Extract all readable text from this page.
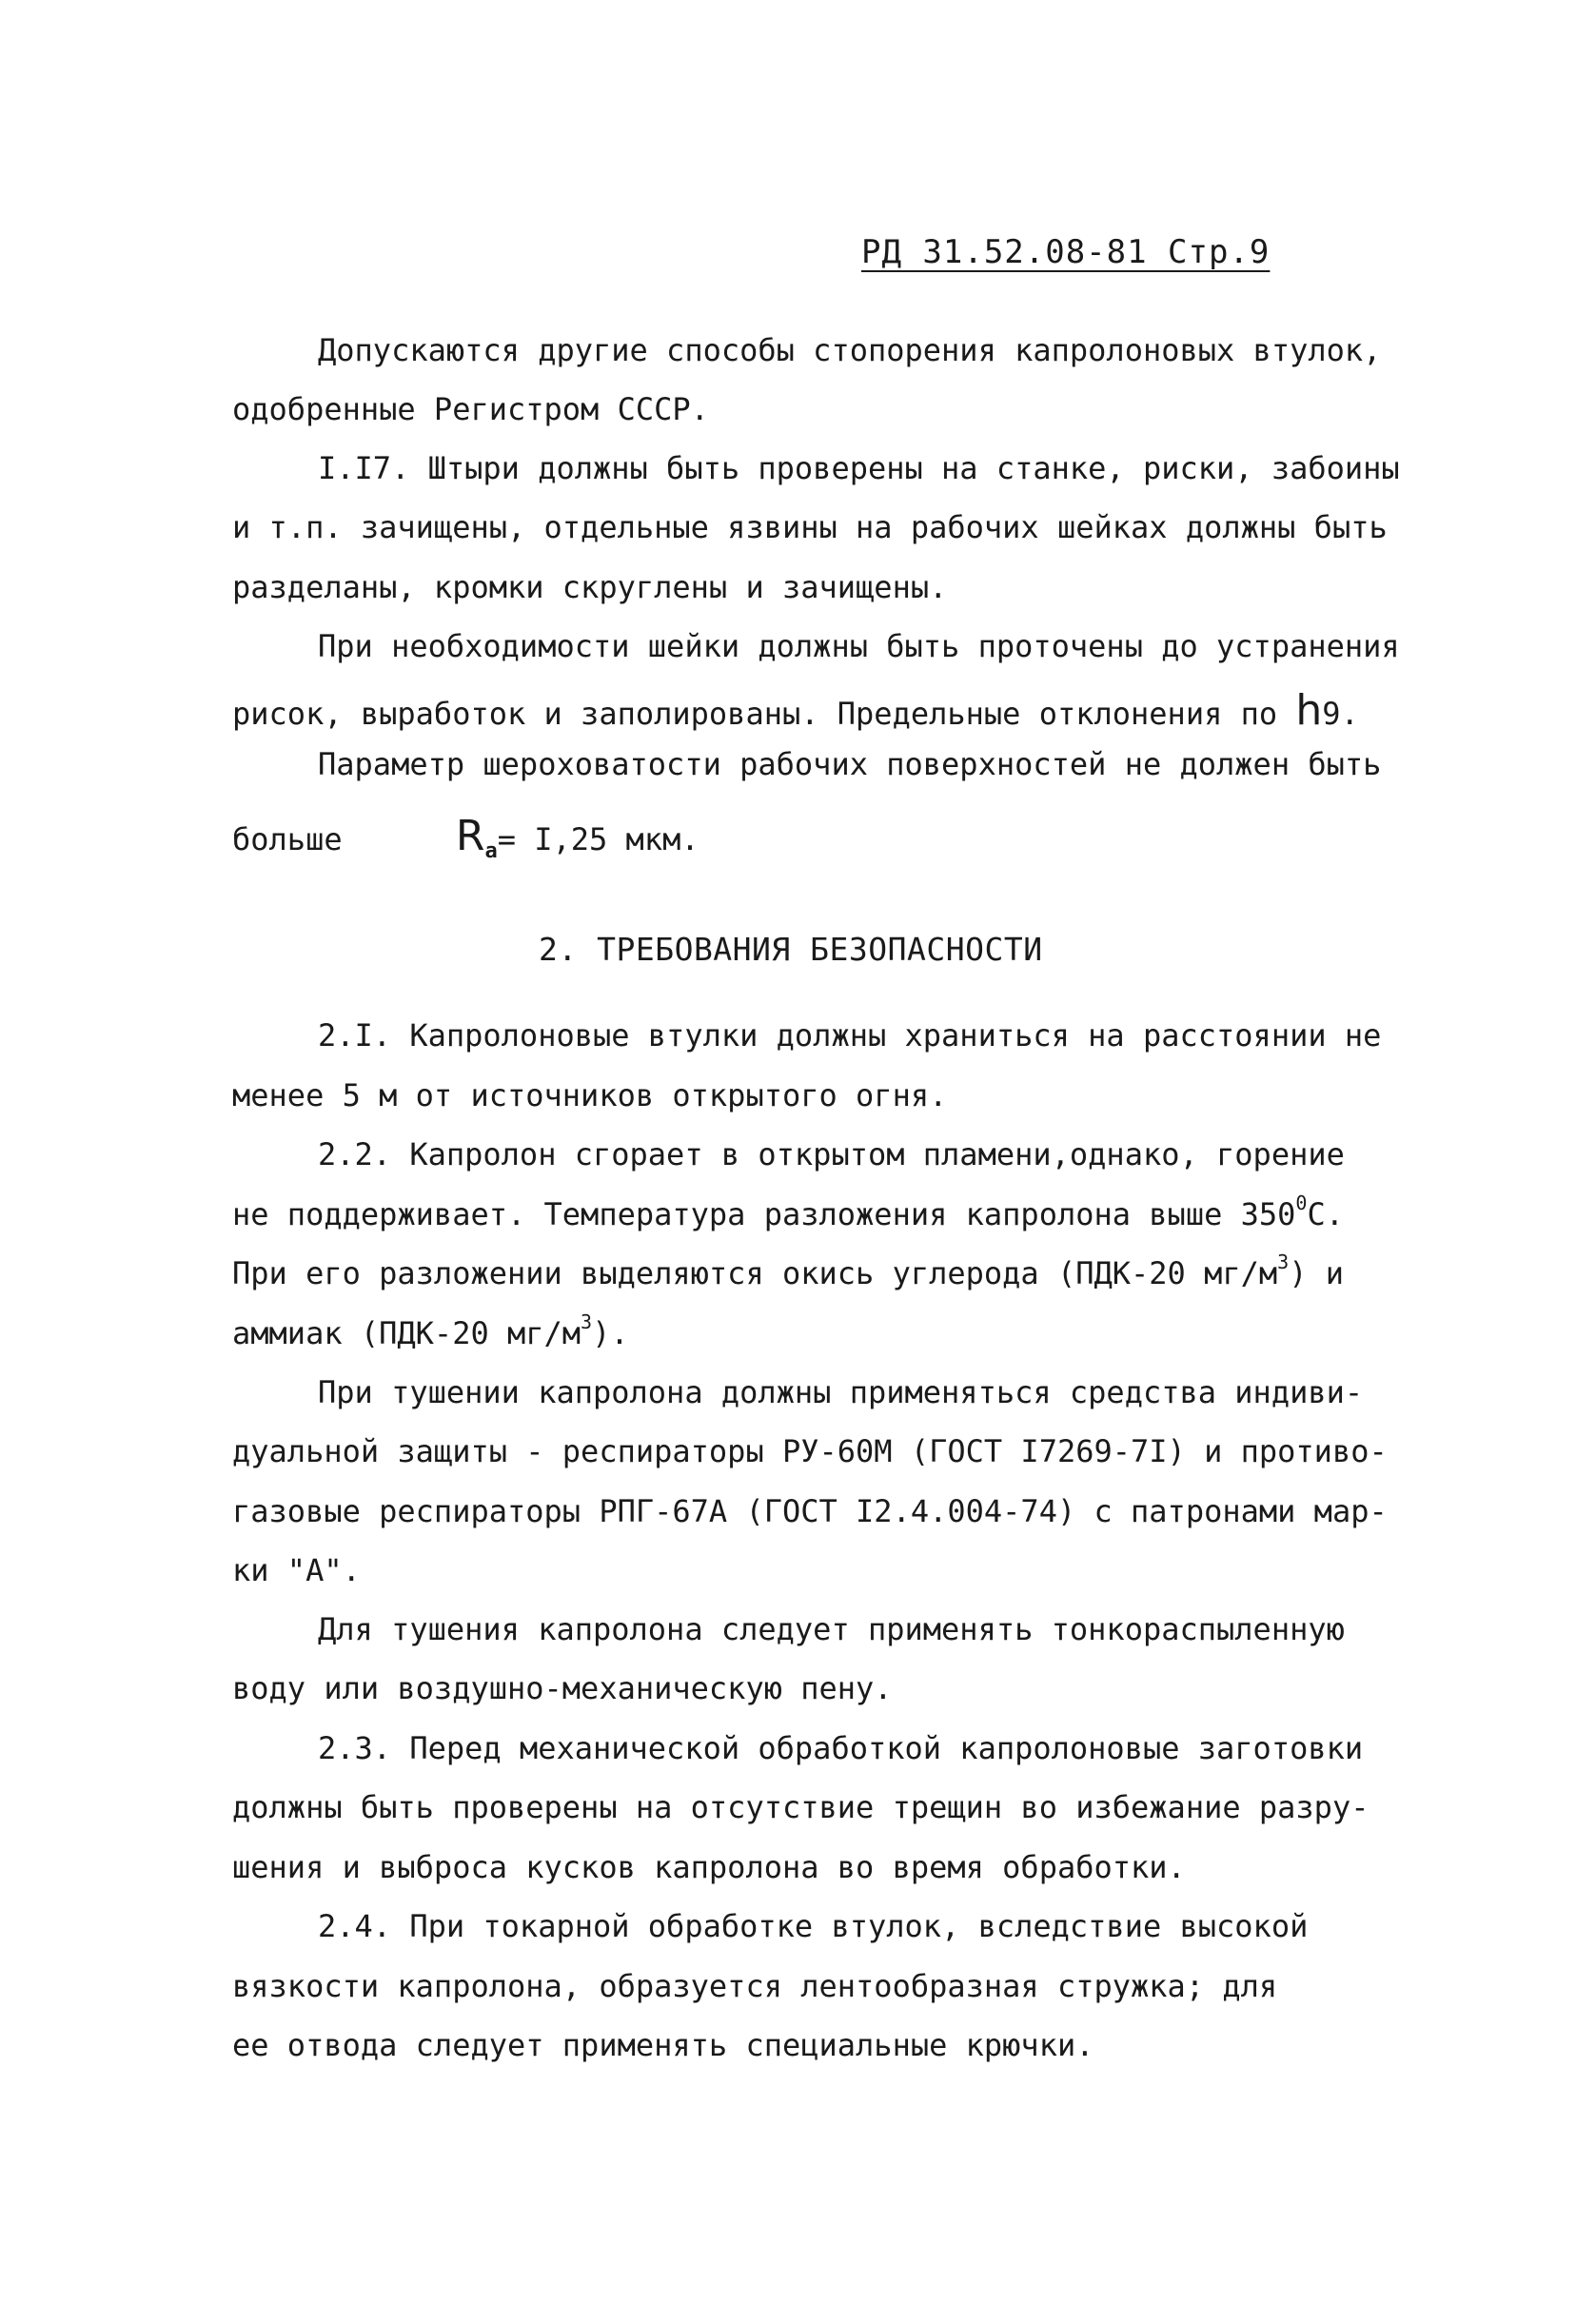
РД 31.52.08-81 Стр.9
Допускаются другие способы стопорения капролоновых втулок,
одобренные Регистром СССР.
I.I7. Штыри должны быть проверены на станке, риски, забоины
и т.п. зачищены, отдельные язвины на рабочих шейках должны быть
разделаны, кромки скруглены и зачищены.
При необходимости шейки должны быть проточены до устранения
рисок, выработок и заполированы. Предельные отклонения по h9.
Параметр шероховатости рабочих поверхностей не должен быть
больше	$R_a= I,25$ мкм.
2. ТРЕБОВАНИЯ БЕЗОПАСНОСТИ
2.I. Капролоновые втулки должны храниться на расстоянии не
менее 5 м от источников открытого огня.
2.2. Капролон сгорает в открытом пламени,однако, горение
не поддерживает. Температура разложения капролона выше $350^0С$.
При его разложении выделяются окись углерода (ПДК-20 $мг/м^3$) и
аммиак (ПДК-20 $мг/м^3$).
При тушении капролона должны применяться средства индиви-
дуальной защиты - респираторы РУ-60М (ГОСТ I7269-7I) и противо-
газовые респираторы РПГ-67А (ГОСТ I2.4.004-74) с патронами мар-
ки "А".
Для тушения капролона следует применять тонкораспыленную
воду или воздушно-механическую пену.
2.3. Перед механической обработкой капролоновые заготовки
должны быть проверены на отсутствие трещин во избежание разру-
шения и выброса кусков капролона во время обработки.
2.4. При токарной обработке втулок, вследствие высокой
вязкости капролона, образуется лентообразная стружка; для
ее отвода следует применять специальные крючки.
